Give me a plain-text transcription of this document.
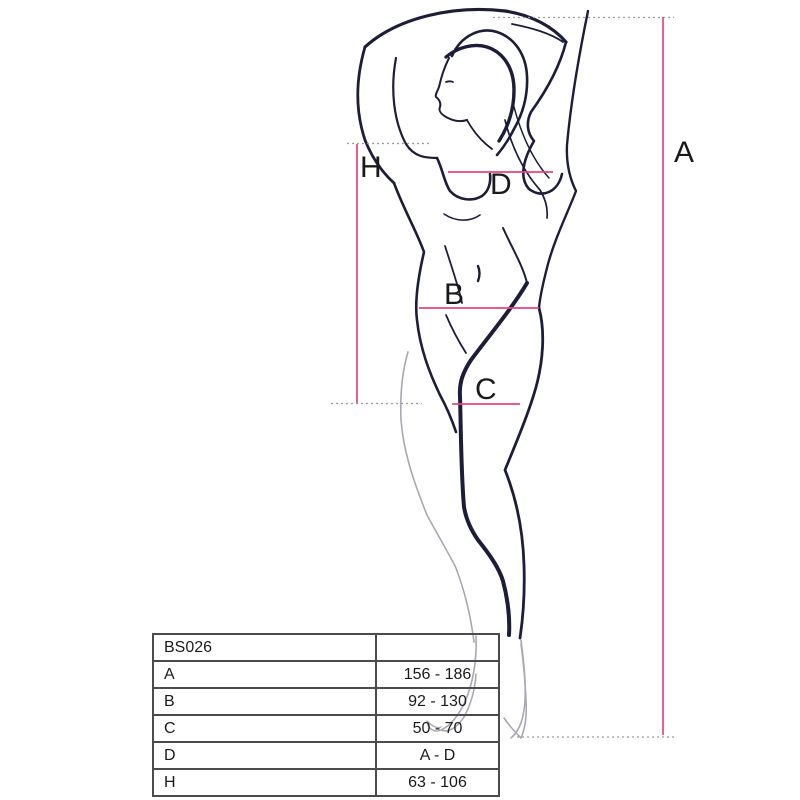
A
H
D
B
C
BS026	
A	156 - 186
B	92 - 130
C	50 - 70
D	A - D
H	63 - 106
